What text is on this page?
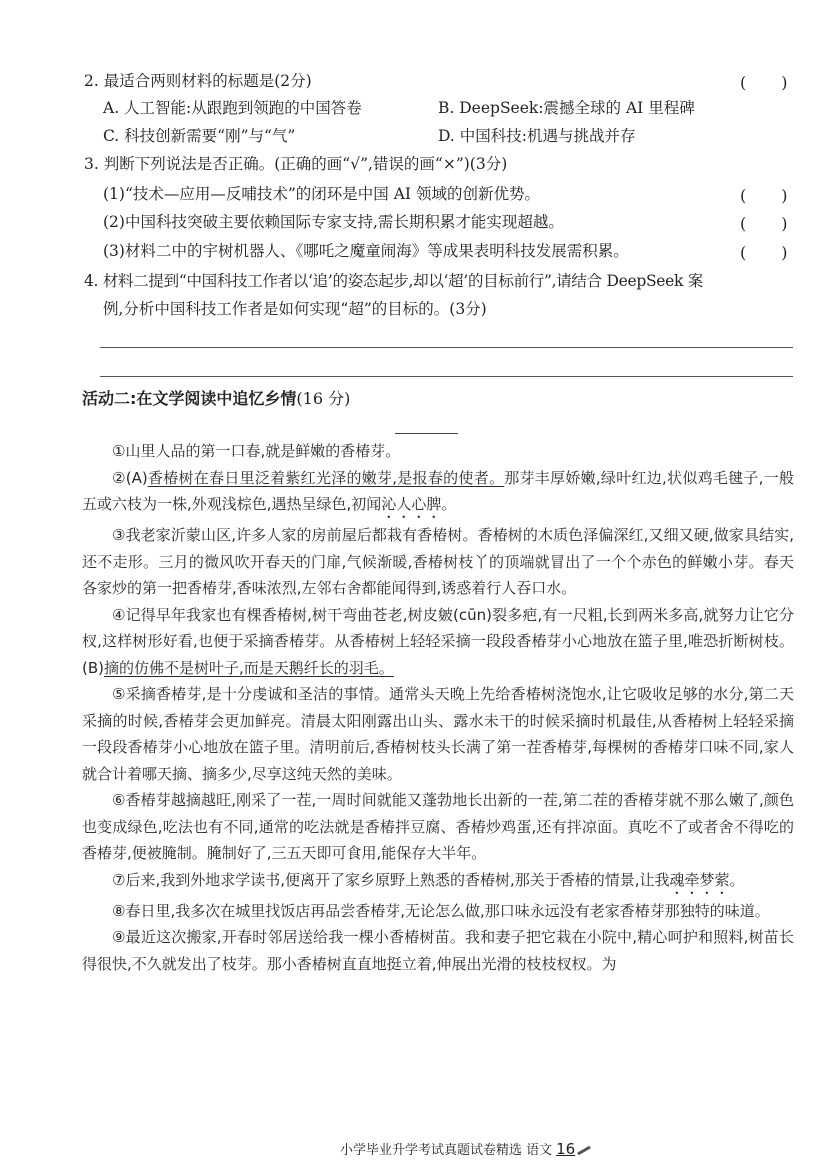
2. 最适合两则材料的标题是(2分)	(　　)
A. 人工智能:从跟跑到领跑的中国答卷	B. DeepSeek:震撼全球的 AI 里程碑
C. 科技创新需要“刚”与“气”	D. 中国科技:机遇与挑战并存
3. 判断下列说法是否正确。(正确的画“√”,错误的画“×”)(3分)
(1)“技术—应用—反哺技术”的闭环是中国 AI 领域的创新优势。	(　　)
(2)中国科技突破主要依赖国际专家支持,需长期积累才能实现超越。	(　　)
(3)材料二中的宇树机器人、《哪吒之魔童闹海》等成果表明科技发展需积累。	(　　)
4. 材料二提到“中国科技工作者以‘追’的姿态起步,却以‘超’的目标前行”,请结合 DeepSeek 案
例,分析中国科技工作者是如何实现“超”的目标的。(3分)
活动二:在文学阅读中追忆乡情(16 分)

①山里人品的第一口春,就是鲜嫩的香椿芽。

②(A)香椿树在春日里泛着紫红光泽的嫩芽,是报春的使者。那芽丰厚娇嫩,绿叶红边,状似鸡毛毽子,一般五或六枝为一株,外观浅棕色,遇热呈绿色,初闻沁人心脾。

③我老家沂蒙山区,许多人家的房前屋后都栽有香椿树。香椿树的木质色泽偏深红,又细又硬,做家具结实,还不走形。三月的微风吹开春天的门扉,气候渐暖,香椿树枝丫的顶端就冒出了一个个赤色的鲜嫩小芽。春天各家炒的第一把香椿芽,香味浓烈,左邻右舍都能闻得到,诱惑着行人吞口水。

④记得早年我家也有棵香椿树,树干弯曲苍老,树皮皴(cūn)裂多疤,有一尺粗,长到两米多高,就努力让它分杈,这样树形好看,也便于采摘香椿芽。从香椿树上轻轻采摘一段段香椿芽小心地放在篮子里,唯恐折断树枝。(B)摘的仿佛不是树叶子,而是天鹅纤长的羽毛。

⑤采摘香椿芽,是十分虔诚和圣洁的事情。通常头天晚上先给香椿树浇饱水,让它吸收足够的水分,第二天采摘的时候,香椿芽会更加鲜亮。清晨太阳刚露出山头、露水未干的时候采摘时机最佳,从香椿树上轻轻采摘一段段香椿芽小心地放在篮子里。清明前后,香椿树枝头长满了第一茬香椿芽,每棵树的香椿芽口味不同,家人就合计着哪天摘、摘多少,尽享这纯天然的美味。

⑥香椿芽越摘越旺,刚采了一茬,一周时间就能又蓬勃地长出新的一茬,第二茬的香椿芽就不那么嫩了,颜色也变成绿色,吃法也有不同,通常的吃法就是香椿拌豆腐、香椿炒鸡蛋,还有拌凉面。真吃不了或者舍不得吃的香椿芽,便被腌制。腌制好了,三五天即可食用,能保存大半年。

⑦后来,我到外地求学读书,便离开了家乡原野上熟悉的香椿树,那关于香椿的情景,让我魂牵梦萦。

⑧春日里,我多次在城里找饭店再品尝香椿芽,无论怎么做,那口味永远没有老家香椿芽那独特的味道。

⑨最近这次搬家,开春时邻居送给我一棵小香椿树苗。我和妻子把它栽在小院中,精心呵护和照料,树苗长得很快,不久就发出了枝芽。那小香椿树直直地挺立着,伸展出光滑的枝枝杈杈。为

小学毕业升学考试真题试卷精选 语文 16
